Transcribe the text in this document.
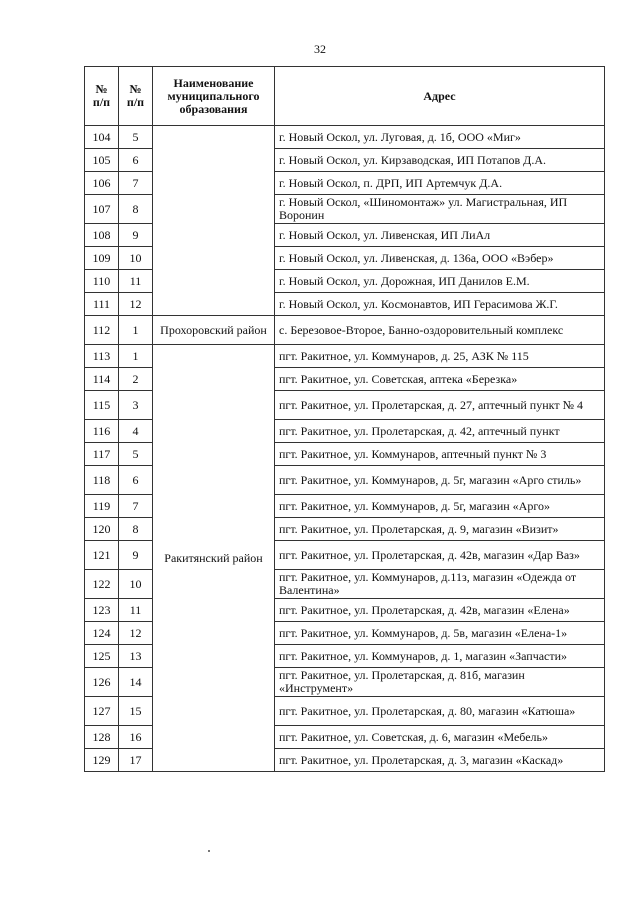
32
№ п/п	№ п/п	Наименование муниципального образования	Адрес
104	5		г. Новый Оскол, ул. Луговая, д. 1б, ООО «Миг»
105	6		г. Новый Оскол, ул. Кирзаводская, ИП Потапов Д.А.
106	7		г. Новый Оскол, п. ДРП, ИП Артемчук Д.А.
107	8		г. Новый Оскол, «Шиномонтаж» ул. Магистральная, ИП Воронин
108	9		г. Новый Оскол, ул. Ливенская, ИП ЛиАл
109	10		г. Новый Оскол, ул. Ливенская, д. 136а, ООО «Вэбер»
110	11		г. Новый Оскол, ул. Дорожная, ИП Данилов Е.М.
111	12		г. Новый Оскол, ул. Космонавтов, ИП Герасимова Ж.Г.
112	1	Прохоровский район	с. Березовое-Второе, Банно-оздоровительный комплекс
113	1	Ракитянский район	пгт. Ракитное, ул. Коммунаров, д. 25, АЗК № 115
114	2		пгт. Ракитное, ул. Советская, аптека «Березка»
115	3		пгт. Ракитное, ул. Пролетарская, д. 27, аптечный пункт № 4
116	4		пгт. Ракитное, ул. Пролетарская, д. 42, аптечный пункт
117	5		пгт. Ракитное, ул. Коммунаров, аптечный пункт № 3
118	6		пгт. Ракитное, ул. Коммунаров, д. 5г, магазин «Арго стиль»
119	7		пгт. Ракитное, ул. Коммунаров, д. 5г, магазин «Арго»
120	8		пгт. Ракитное, ул. Пролетарская, д. 9, магазин «Визит»
121	9		пгт. Ракитное, ул. Пролетарская, д. 42в, магазин «Дар Ваз»
122	10		пгт. Ракитное, ул. Коммунаров, д.11з, магазин «Одежда от Валентина»
123	11		пгт. Ракитное, ул. Пролетарская, д. 42в, магазин «Елена»
124	12		пгт. Ракитное, ул. Коммунаров, д. 5в, магазин «Елена-1»
125	13		пгт. Ракитное, ул. Коммунаров, д. 1, магазин «Запчасти»
126	14		пгт. Ракитное, ул. Пролетарская, д. 81б, магазин «Инструмент»
127	15		пгт. Ракитное, ул. Пролетарская, д. 80, магазин «Катюша»
128	16		пгт. Ракитное, ул. Советская, д. 6, магазин «Мебель»
129	17		пгт. Ракитное, ул. Пролетарская, д. 3, магазин «Каскад»
